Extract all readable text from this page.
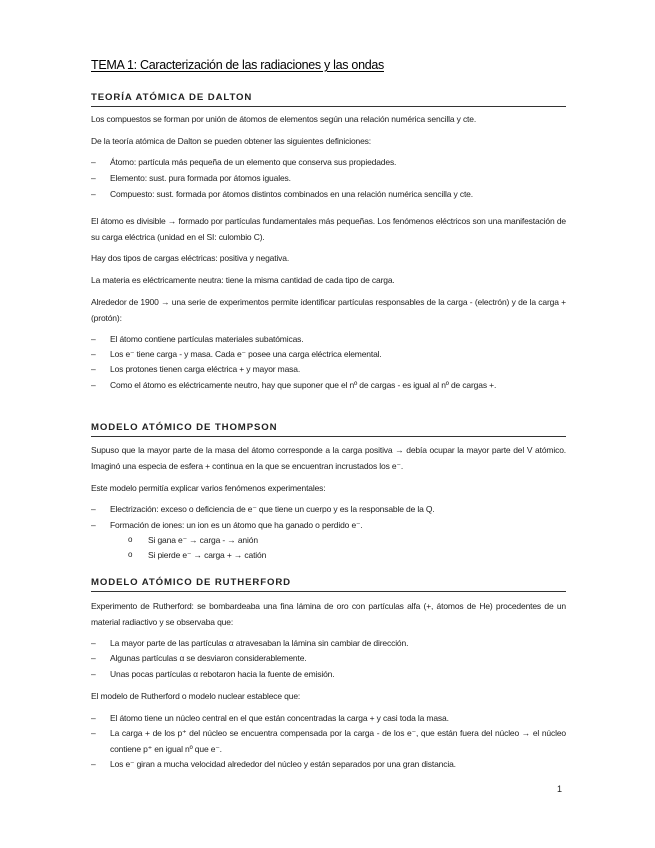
TEMA 1: Caracterización de las radiaciones y las ondas
TEORÍA ATÓMICA DE DALTON
Los compuestos se forman por unión de átomos de elementos según una relación numérica sencilla y cte.
De la teoría atómica de Dalton se pueden obtener las siguientes definiciones:
– Átomo: partícula más pequeña de un elemento que conserva sus propiedades.
– Elemento: sust. pura formada por átomos iguales.
– Compuesto: sust. formada por átomos distintos combinados en una relación numérica sencilla y cte.
El átomo es divisible → formado por partículas fundamentales más pequeñas. Los fenómenos eléctricos son una manifestación de su carga eléctrica (unidad en el SI: culombio C).
Hay dos tipos de cargas eléctricas: positiva y negativa.
La materia es eléctricamente neutra: tiene la misma cantidad de cada tipo de carga.
Alrededor de 1900 → una serie de experimentos permite identificar partículas responsables de la carga - (electrón) y de la carga + (protón):
– El átomo contiene partículas materiales subatómicas.
– Los e⁻ tiene carga - y masa. Cada e⁻ posee una carga eléctrica elemental.
– Los protones tienen carga eléctrica + y mayor masa.
– Como el átomo es eléctricamente neutro, hay que suponer que el nº de cargas - es igual al nº de cargas +.
MODELO ATÓMICO DE THOMPSON
Supuso que la mayor parte de la masa del átomo corresponde a la carga positiva → debía ocupar la mayor parte del V atómico. Imaginó una especia de esfera + continua en la que se encuentran incrustados los e⁻.
Este modelo permitía explicar varios fenómenos experimentales:
– Electrización: exceso o deficiencia de e⁻ que tiene un cuerpo y es la responsable de la Q.
– Formación de iones: un ion es un átomo que ha ganado o perdido e⁻.
o Si gana e⁻ → carga - → anión
o Si pierde e⁻ → carga + → catión
MODELO ATÓMICO DE RUTHERFORD
Experimento de Rutherford: se bombardeaba una fina lámina de oro con partículas alfa (+, átomos de He) procedentes de un material radiactivo y se observaba que:
– La mayor parte de las partículas α atravesaban la lámina sin cambiar de dirección.
– Algunas partículas α se desviaron considerablemente.
– Unas pocas partículas α rebotaron hacia la fuente de emisión.
El modelo de Rutherford o modelo nuclear establece que:
– El átomo tiene un núcleo central en el que están concentradas la carga + y casi toda la masa.
– La carga + de los p⁺ del núcleo se encuentra compensada por la carga - de los e⁻, que están fuera del núcleo → el núcleo contiene p⁺ en igual nº que e⁻.
– Los e⁻ giran a mucha velocidad alrededor del núcleo y están separados por una gran distancia.
1
